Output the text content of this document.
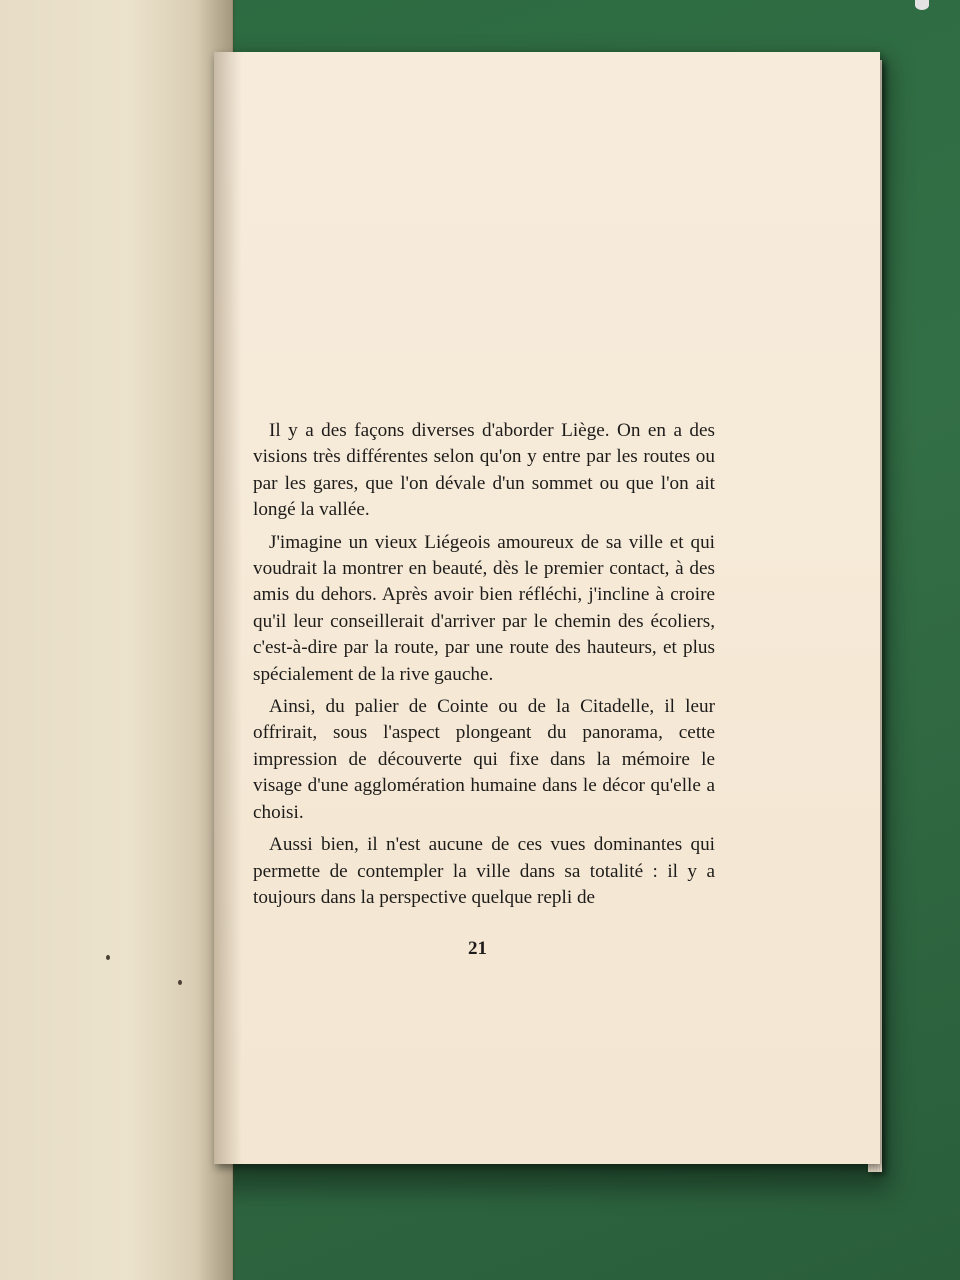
Il y a des façons diverses d'aborder Liège. On en a des visions très différentes selon qu'on y entre par les routes ou par les gares, que l'on dévale d'un sommet ou que l'on ait longé la vallée.

J'imagine un vieux Liégeois amoureux de sa ville et qui voudrait la montrer en beauté, dès le premier contact, à des amis du dehors. Après avoir bien réfléchi, j'incline à croire qu'il leur conseillerait d'arriver par le chemin des écoliers, c'est-à-dire par la route, par une route des hauteurs, et plus spécialement de la rive gauche.

Ainsi, du palier de Cointe ou de la Citadelle, il leur offrirait, sous l'aspect plongeant du panorama, cette impression de découverte qui fixe dans la mémoire le visage d'une agglomération humaine dans le décor qu'elle a choisi.

Aussi bien, il n'est aucune de ces vues dominantes qui permette de contempler la ville dans sa totalité : il y a toujours dans la perspective quelque repli de

21
